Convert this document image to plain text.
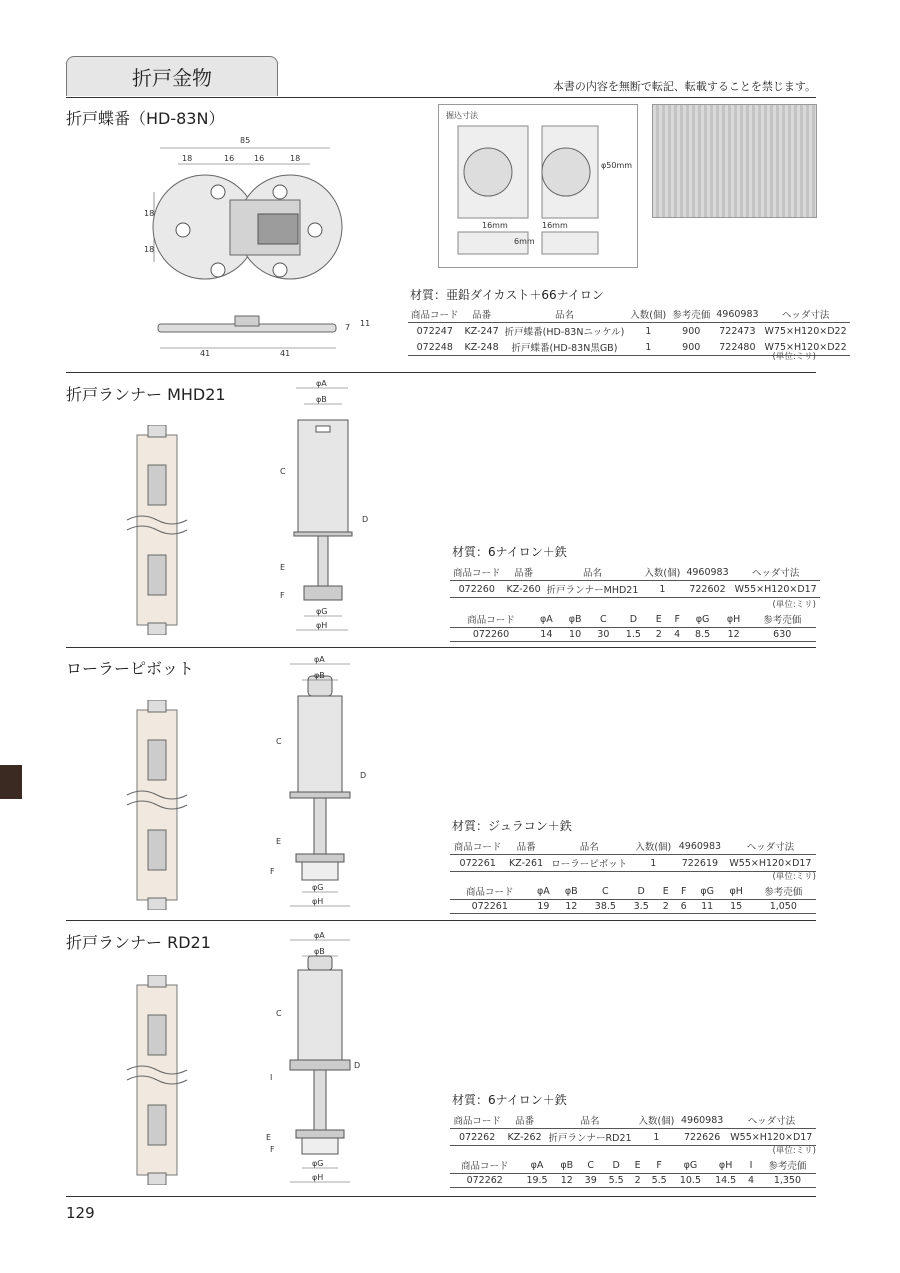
折戸金物	本書の内容を無断で転記、転載することを禁じます。
折戸蝶番（HD-83N）
85
18	16 16	18
18
18
41	41
7 11
掘込寸法
φ50mm
16mm	16mm
6mm
材質：亜鉛ダイカスト＋66ナイロン
商品コード	品番	品名	入数(個)	参考売価	4960983	ヘッダ寸法
072247	KZ-247	折戸蝶番(HD-83Nニッケル)	1	900	722473	W75×H120×D22
072248	KZ-248	折戸蝶番(HD-83N黒GB)	1	900	722480	W75×H120×D22
(単位:ミリ)
折戸ランナー MHD21
φA
φB
C
D
E
F
φG
φH
材質：6ナイロン＋鉄
商品コード	品番	品名	入数(個)	4960983	ヘッダ寸法
072260	KZ-260	折戸ランナーMHD21	1	722602	W55×H120×D17
(単位:ミリ)
商品コード	φA	φB	C	D	E	F	φG	φH	参考売価
072260	14	10	30	1.5	2	4	8.5	12	630
ローラーピボット	φA
φB
C
D
E
F
φG
φH
材質：ジュラコン＋鉄
商品コード	品番	品名	入数(個)	4960983	ヘッダ寸法
072261	KZ-261	ローラーピボット	1	722619	W55×H120×D17
(単位:ミリ)
商品コード	φA	φB	C	D	E	F	φG	φH	参考売価
072261	19	12	38.5	3.5	2	6	11	15	1,050
折戸ランナー RD21	φA
φB
C
D
I
E
F
φG
φH
材質：6ナイロン＋鉄
商品コード	品番	品名	入数(個)	4960983	ヘッダ寸法
072262	KZ-262	折戸ランナーRD21	1	722626	W55×H120×D17
(単位:ミリ)
商品コード	φA	φB	C	D	E	F	φG	φH	I	参考売価
072262	19.5	12	39	5.5	2	5.5	10.5	14.5	4	1,350
129
